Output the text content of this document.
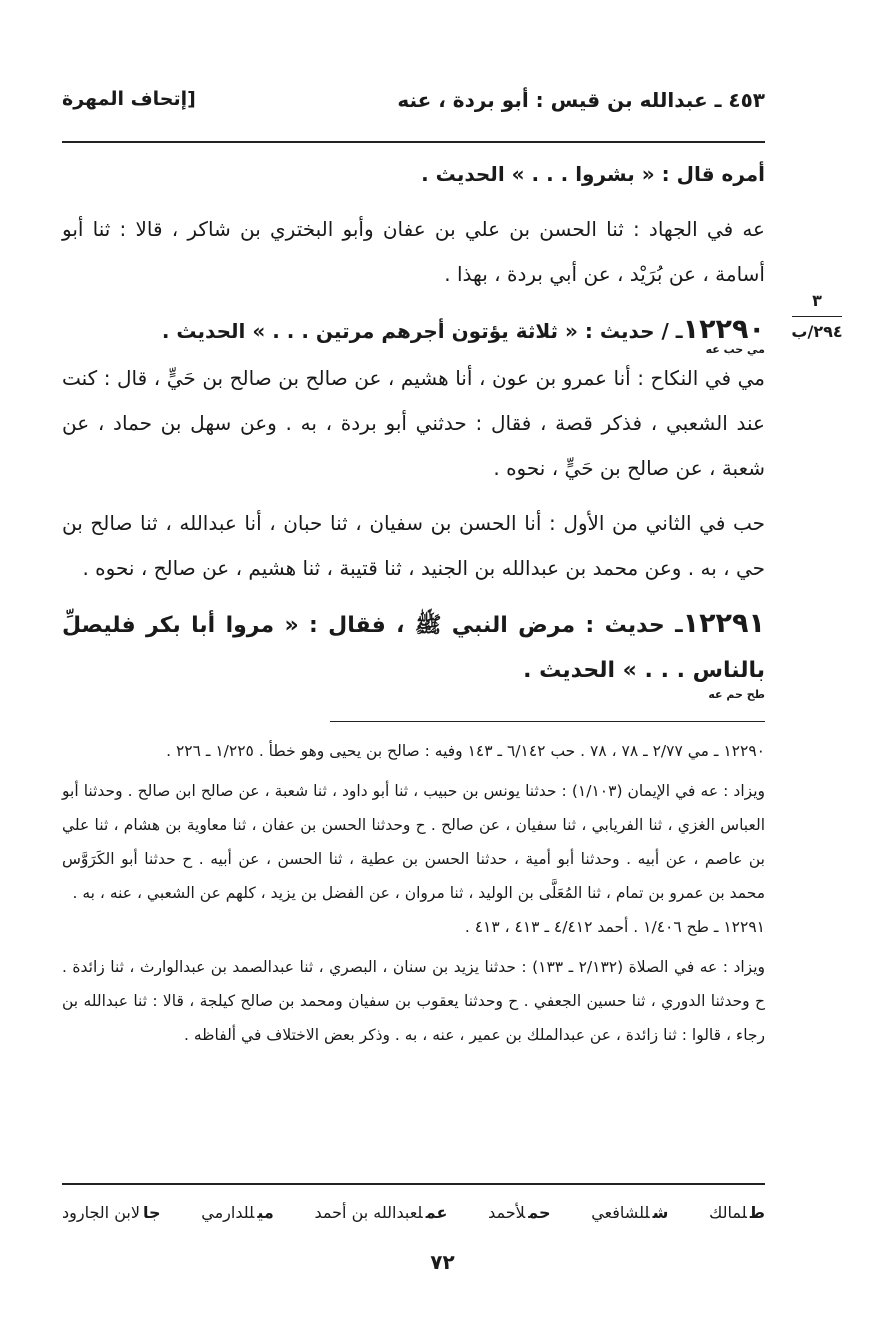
٤٥٣ ـ عبدالله بن قيس : أبو بردة ، عنه
[إتحاف المهرة
٣
٢٩٤/ب

أمره قال : « بشروا . . . » الحديث .

عه في الجهاد : ثنا الحسن بن علي بن عفان وأبو البختري بن شاكر ، قالا : ثنا أبو أسامة ، عن بُرَيْد ، عن أبي بردة ، بهذا .

١٢٢٩٠ـ / حديث : « ثلاثة يؤتون أجرهم مرتين . . . » الحديث .

مي حب عه

مي في النكاح : أنا عمرو بن عون ، أنا هشيم ، عن صالح بن صالح بن حَيٍّ ، قال : كنت عند الشعبي ، فذكر قصة ، فقال : حدثني أبو بردة ، به . وعن سهل بن حماد ، عن شعبة ، عن صالح بن حَيٍّ ، نحوه .

حب في الثاني من الأول : أنا الحسن بن سفيان ، ثنا حبان ، أنا عبدالله ، ثنا صالح بن حي ، به . وعن محمد بن عبدالله بن الجنيد ، ثنا قتيبة ، ثنا هشيم ، عن صالح ، نحوه .

١٢٢٩١ـ حديث : مرض النبي ﷺ ، فقال : « مروا أبا بكر فليصلِّ بالناس . . . » الحديث .

طح حم عه

١٢٢٩٠ ـ مي ٢/٧٧ ـ ٧٨ ، ٧٨ . حب ٦/١٤٢ ـ ١٤٣ وفيه : صالح بن يحيى وهو خطأ . ١/٢٢٥ ـ ٢٢٦ .

ويزاد : عه في الإيمان (١/١٠٣) : حدثنا يونس بن حبيب ، ثنا أبو داود ، ثنا شعبة ، عن صالح ابن صالح . وحدثنا أبو العباس الغزي ، ثنا الفريابي ، ثنا سفيان ، عن صالح . ح وحدثنا الحسن بن عفان ، ثنا معاوية بن هشام ، ثنا علي بن عاصم ، عن أبيه . وحدثنا أبو أمية ، حدثنا الحسن بن عطية ، ثنا الحسن ، عن أبيه . ح حدثنا أبو الكَرَوَّس محمد بن عمرو بن تمام ، ثنا المُعَلَّى بن الوليد ، ثنا مروان ، عن الفضل بن يزيد ، كلهم عن الشعبي ، عنه ، به .

١٢٢٩١ ـ طح ١/٤٠٦ . أحمد ٤/٤١٢ ـ ٤١٣ ، ٤١٣ .

ويزاد : عه في الصلاة (٢/١٣٢ ـ ١٣٣) : حدثنا يزيد بن سنان ، البصري ، ثنا عبدالصمد بن عبدالوارث ، ثنا زائدة . ح وحدثنا الدوري ، ثنا حسين الجعفي . ح وحدثنا يعقوب بن سفيان ومحمد بن صالح كيلجة ، قالا : ثنا عبدالله بن رجاء ، قالوا : ثنا زائدة ، عن عبدالملك بن عمير ، عنه ، به . وذكر بعض الاختلاف في ألفاظه .

طلمالك
شللشافعي
حملأحمد
عملعبدالله بن أحمد
ميللدارمي
جالابن الجارود
٧٢
